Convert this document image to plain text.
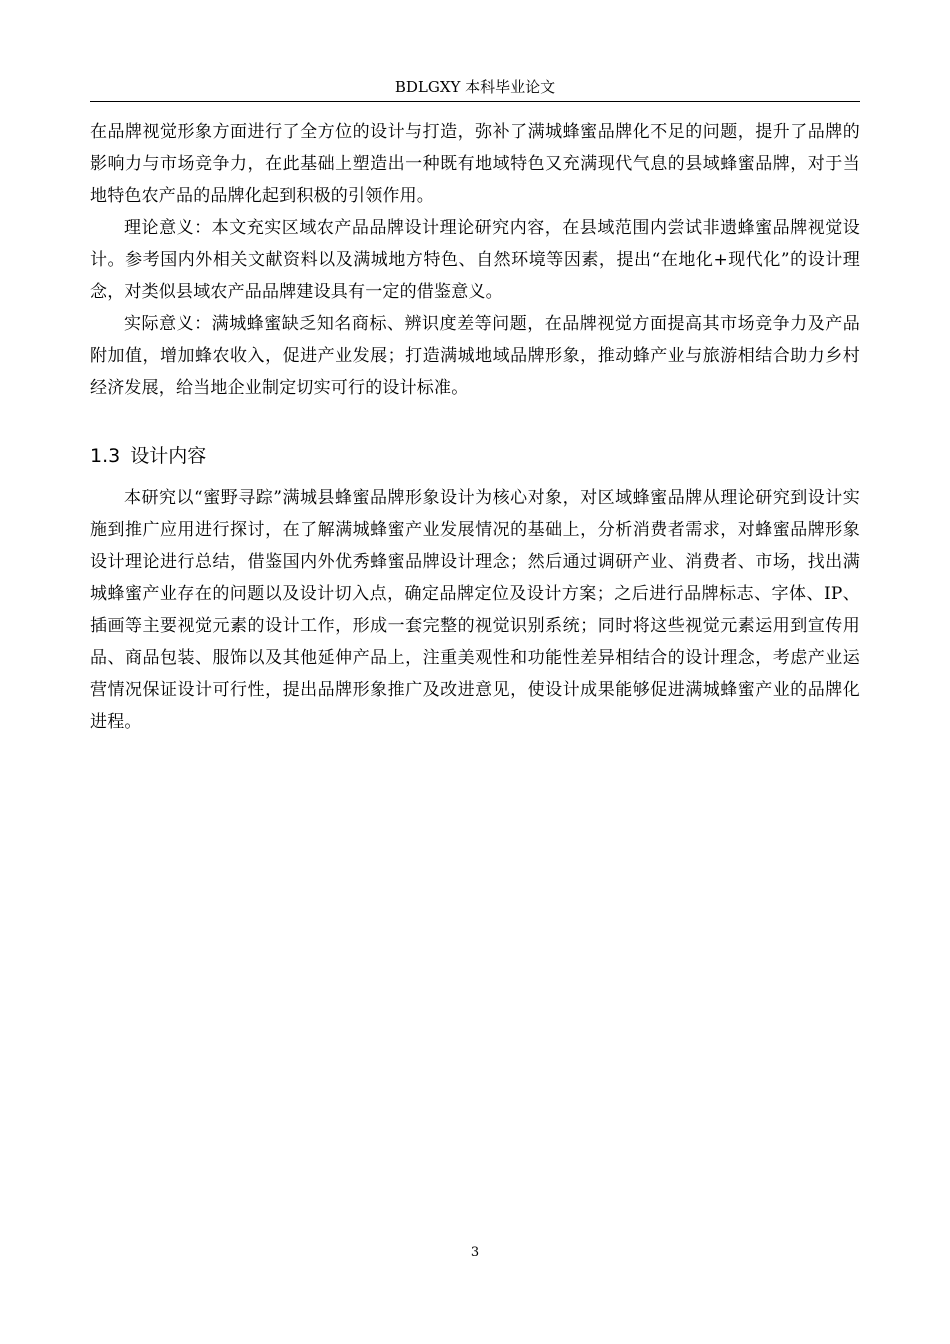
BDLGXY 本科毕业论文

在品牌视觉形象方面进行了全方位的设计与打造，弥补了满城蜂蜜品牌化不足的问题，提升了品牌的影响力与市场竞争力，在此基础上塑造出一种既有地域特色又充满现代气息的县域蜂蜜品牌，对于当地特色农产品的品牌化起到积极的引领作用。

理论意义：本文充实区域农产品品牌设计理论研究内容，在县域范围内尝试非遗蜂蜜品牌视觉设计。参考国内外相关文献资料以及满城地方特色、自然环境等因素，提出“在地化+现代化”的设计理念，对类似县域农产品品牌建设具有一定的借鉴意义。

实际意义：满城蜂蜜缺乏知名商标、辨识度差等问题，在品牌视觉方面提高其市场竞争力及产品附加值，增加蜂农收入，促进产业发展；打造满城地域品牌形象，推动蜂产业与旅游相结合助力乡村经济发展，给当地企业制定切实可行的设计标准。

1.3 设计内容

本研究以“蜜野寻踪”满城县蜂蜜品牌形象设计为核心对象，对区域蜂蜜品牌从理论研究到设计实施到推广应用进行探讨，在了解满城蜂蜜产业发展情况的基础上，分析消费者需求，对蜂蜜品牌形象设计理论进行总结，借鉴国内外优秀蜂蜜品牌设计理念；然后通过调研产业、消费者、市场，找出满城蜂蜜产业存在的问题以及设计切入点，确定品牌定位及设计方案；之后进行品牌标志、字体、IP、插画等主要视觉元素的设计工作，形成一套完整的视觉识别系统；同时将这些视觉元素运用到宣传用品、商品包装、服饰以及其他延伸产品上，注重美观性和功能性差异相结合的设计理念，考虑产业运营情况保证设计可行性，提出品牌形象推广及改进意见，使设计成果能够促进满城蜂蜜产业的品牌化进程。

3
